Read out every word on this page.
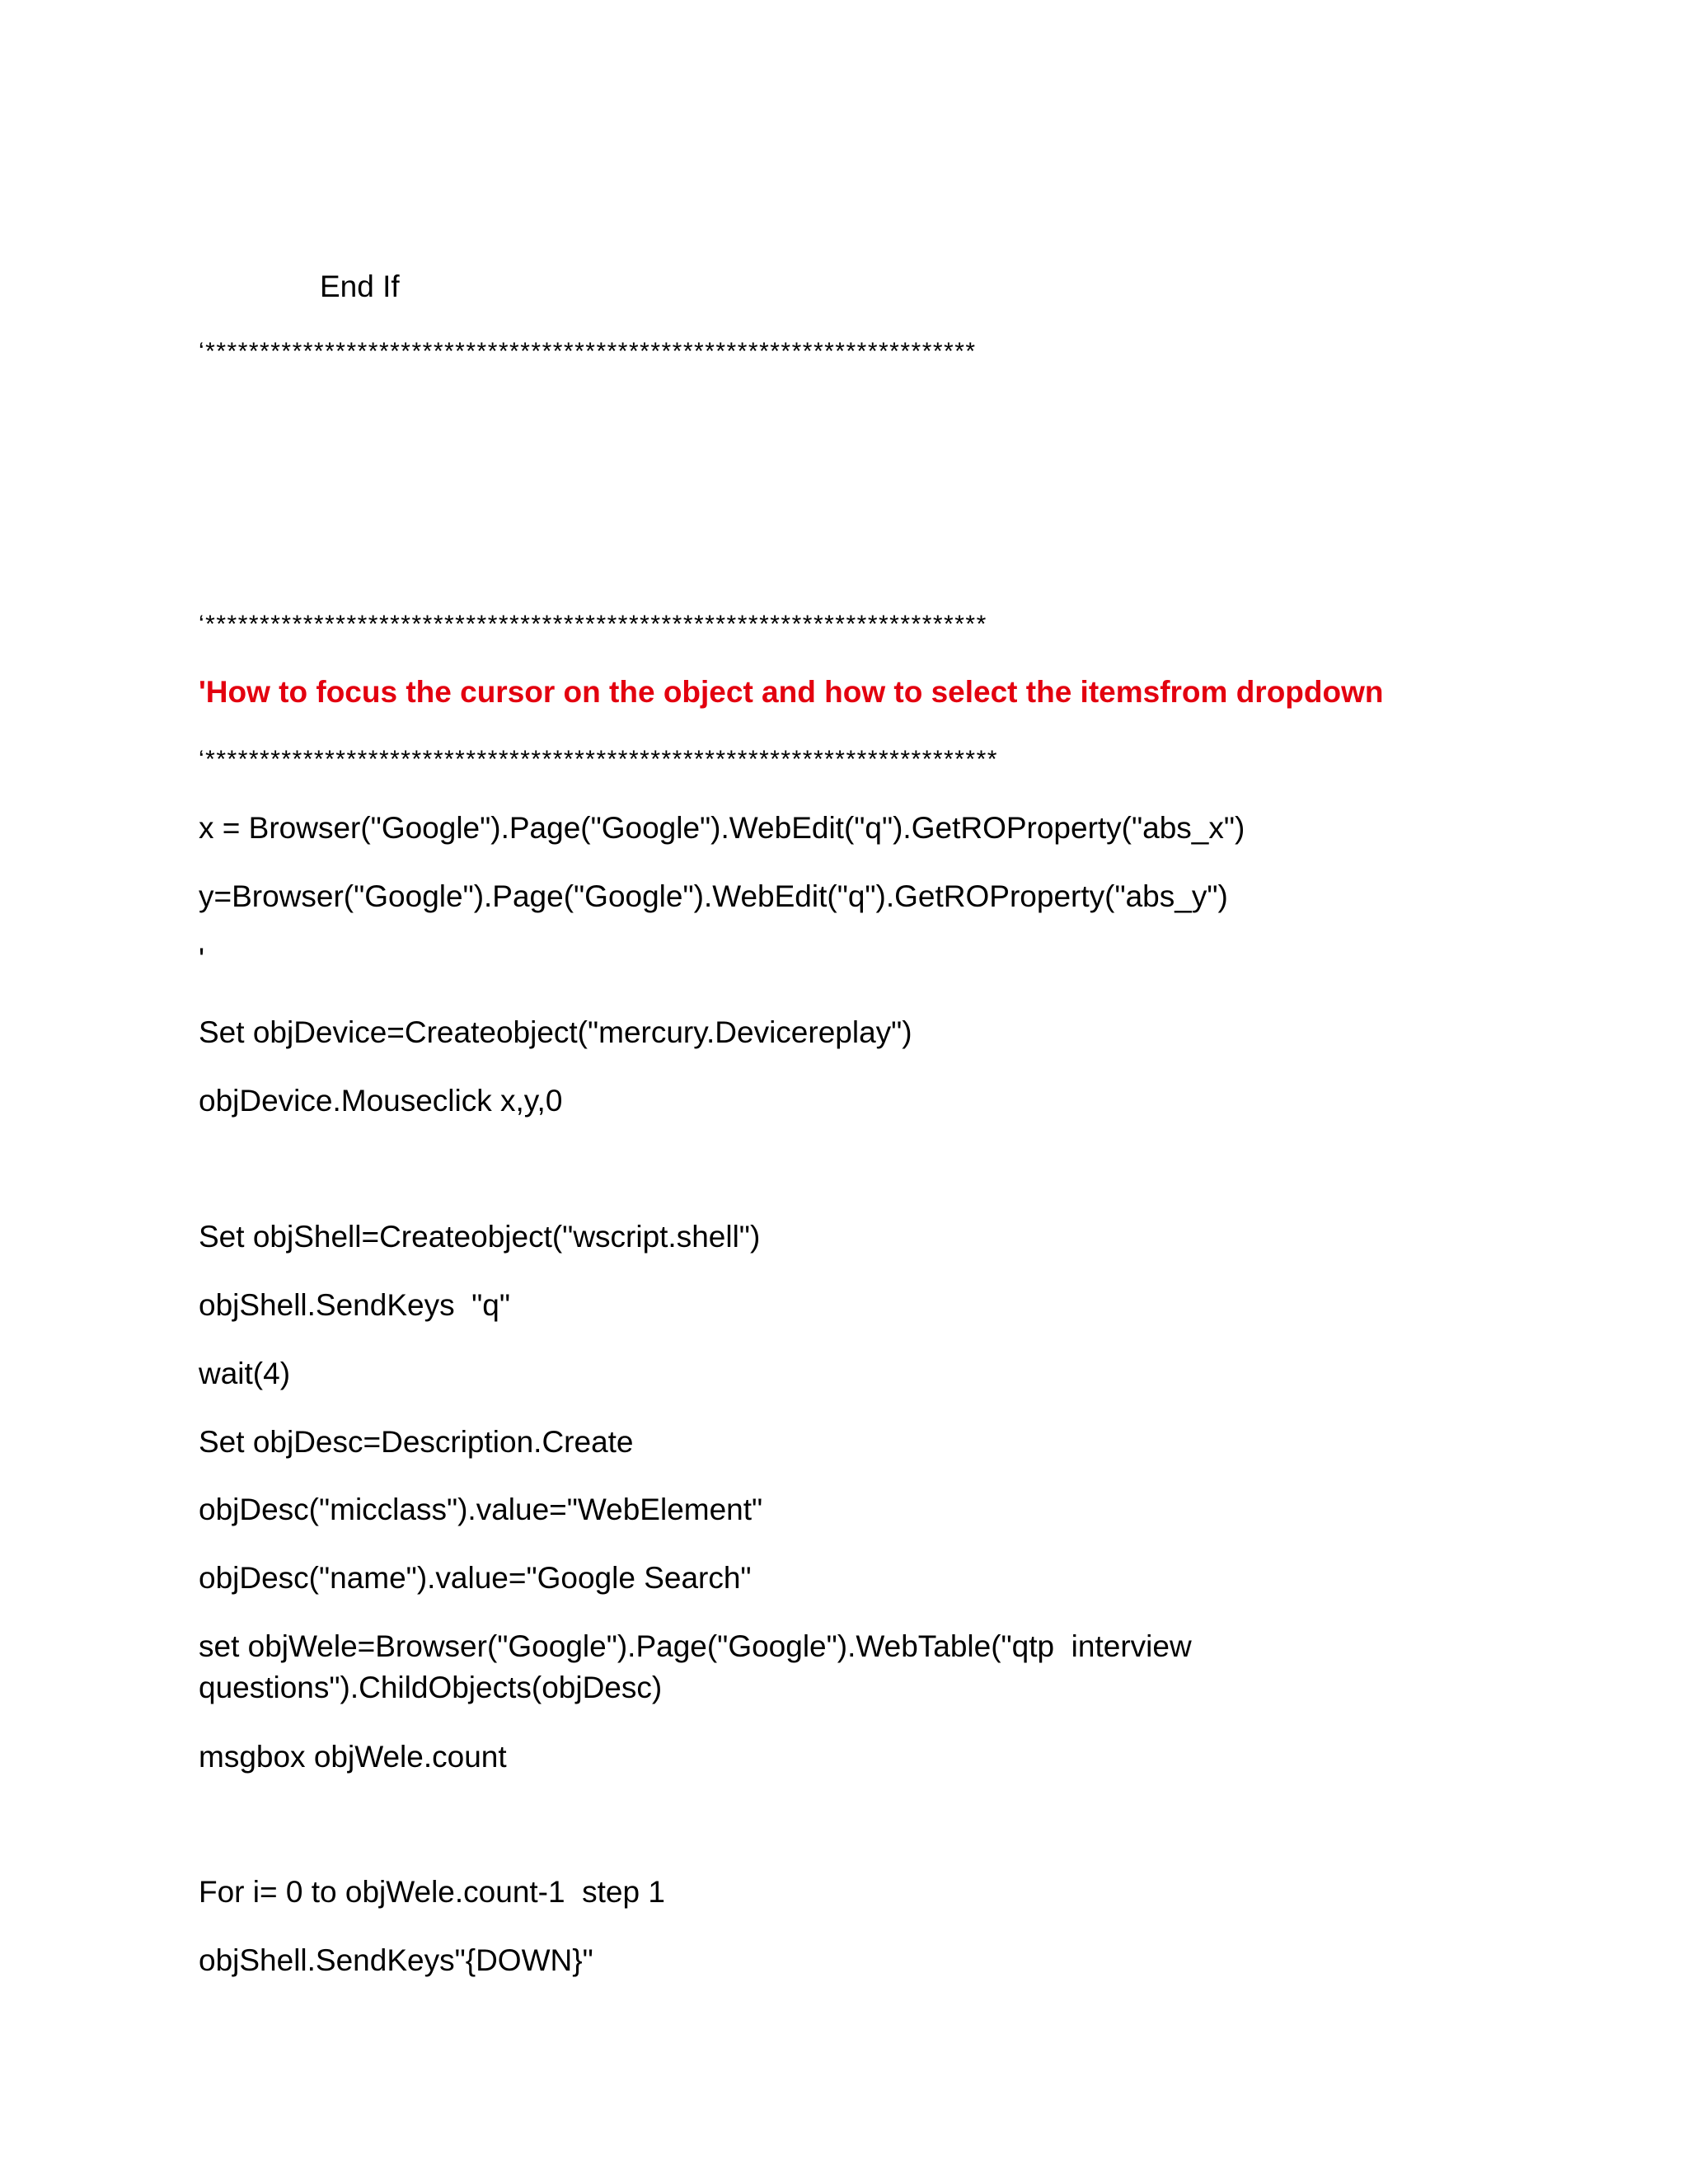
End If
‘***********************************************************************
‘************************************************************************
'How to focus the cursor on the object and how to select the itemsfrom dropdown
‘*************************************************************************
x = Browser("Google").Page("Google").WebEdit("q").GetROProperty("abs_x")
y=Browser("Google").Page("Google").WebEdit("q").GetROProperty("abs_y")
'
Set objDevice=Createobject("mercury.Devicereplay")
objDevice.Mouseclick x,y,0
Set objShell=Createobject("wscript.shell")
objShell.SendKeys  "q"
wait(4)
Set objDesc=Description.Create
objDesc("micclass").value="WebElement"
objDesc("name").value="Google Search"
set objWele=Browser("Google").Page("Google").WebTable("qtp  interview
questions").ChildObjects(objDesc)
msgbox objWele.count
For i= 0 to objWele.count-1  step 1
objShell.SendKeys"{DOWN}"
